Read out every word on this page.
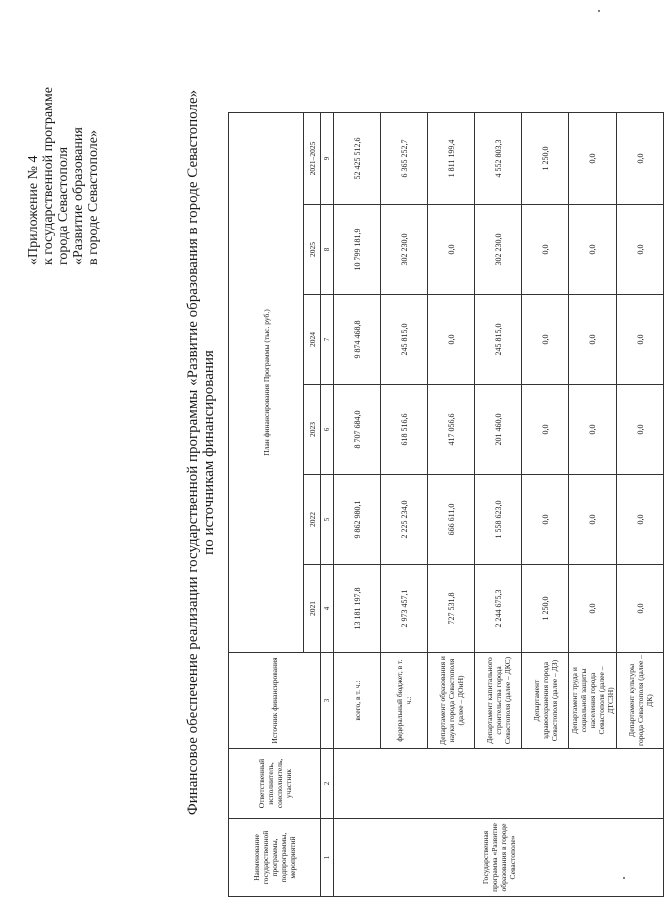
«Приложение № 4 к государственной программе города Севастополя «Развитие образования в городе Севастополе»	Финансовое обеспечение реализации государственной программы «Развитие образования в городе Севастополе» по источникам финансирования
Наименование государственной программы, подпрограммы, мероприятий	Ответственный исполнитель, соисполнитель, участник	Источник финансирования	План финансирования Программы (тыс. руб.)					
			2021	2022	2023	2024	2025	2021–2025
1	2	3	4	5	6	7	8	9
Государственная программа «Развитие образования в городе Севастополе»		всего, в т. ч.:	13 181 197,8	9 862 980,1	8 707 684,0	9 874 468,8	10 799 181,9	52 425 512,6
		федеральный бюджет, в т. ч.:	2 973 457,1	2 225 234,0	618 516,6	245 815,0	302 230,0	6 365 252,7
		Департамент образования и науки города Севастополя (далее – ДОиН)	727 531,8	666 611,0	417 056,6	0,0	0,0	1 811 199,4
		Департамент капитального строительства города Севастополя (далее – ДКС)	2 244 675,3	1 558 623,0	201 460,0	245 815,0	302 230,0	4 552 803,3
		Департамент здравоохранения города Севастополя (далее – ДЗ)	1 250,0	0,0	0,0	0,0	0,0	1 250,0
		Департамент труда и социальной защиты населения города Севастополя (далее – ДТСЗН)	0,0	0,0	0,0	0,0	0,0	0,0
		Департамент культуры города Севастополя (далее – ДК)	0,0	0,0	0,0	0,0	0,0	0,0
